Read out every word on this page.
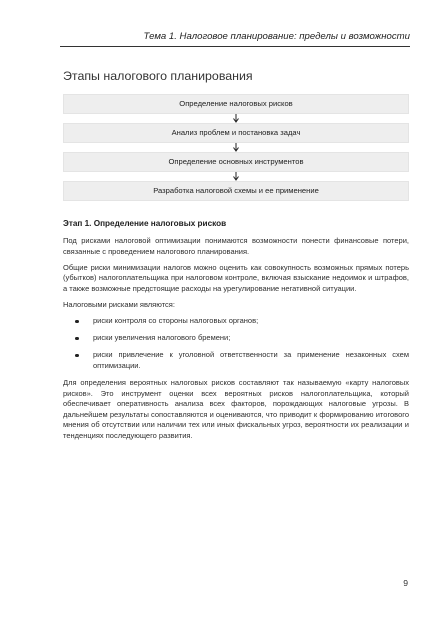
Тема 1. Налоговое планирование: пределы и возможности
Этапы налогового планирования
Определение налоговых рисков
Анализ проблем и постановка задач
Определение основных инструментов
Разработка налоговой схемы и ее применение
Этап 1. Определение налоговых рисков

Под рисками налоговой оптимизации понимаются возможности понести финансовые потери, связанные с проведением налогового планирования.

Общие риски минимизации налогов можно оценить как совокупность возможных прямых потерь (убытков) налогоплательщика при налоговом контроле, включая взыскание недоимок и штрафов, а также возможные предстоящие расходы на урегулирование негативной ситуации.

Налоговыми рисками являются:

риски контроля со стороны налоговых органов;
риски увеличения налогового бремени;
риски привлечение к уголовной ответственности за применение незаконных схем оптимизации.

Для определения вероятных налоговых рисков составляют так называемую «карту налоговых рисков». Это инструмент оценки всех вероятных рисков налогоплательщика, который обеспечивает оперативность анализа всех факторов, порождающих налоговые угрозы. В дальнейшем результаты сопоставляются и оцениваются, что приводит к формированию итогового мнения об отсутствии или наличии тех или иных фискальных угроз, вероятности их реализации и тенденциях последующего развития.

9
